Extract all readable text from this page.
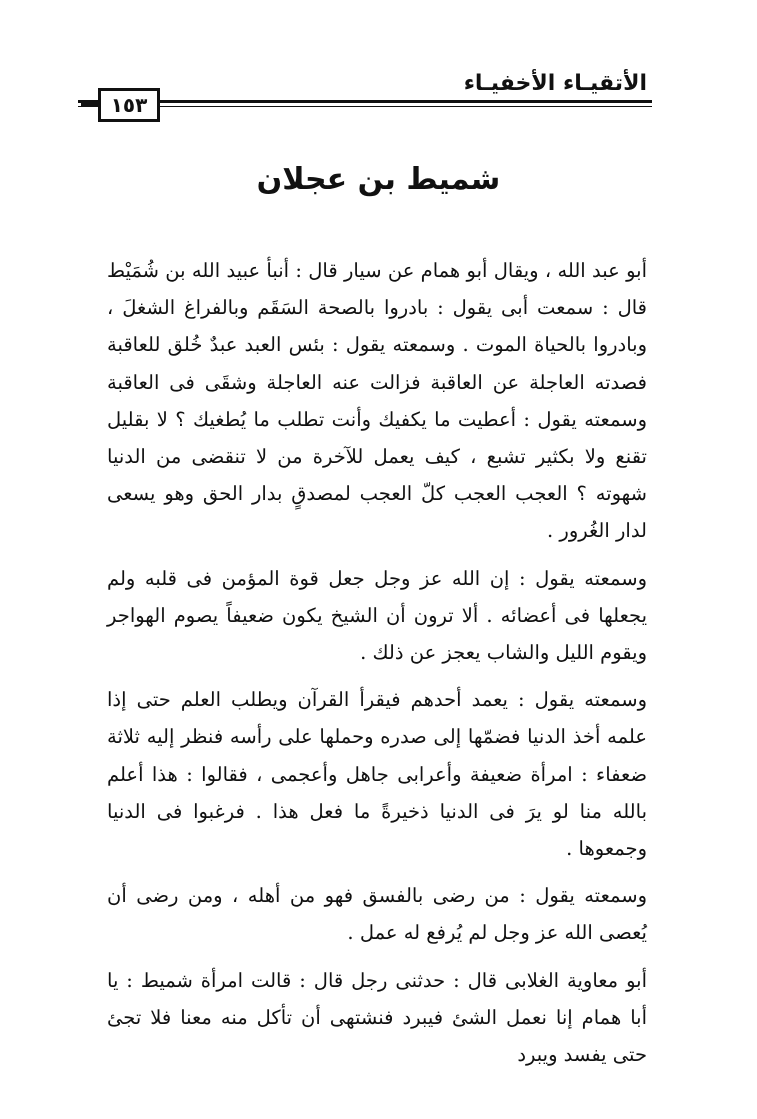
الأتقيـاء الأخفيـاء
١٥٣
شميط بن عجلان

أبو عبد الله ، ويقال أبو همام عن سيار قال : أنبأ عبيد الله بن شُمَيْط قال : سمعت أبى يقول : بادروا بالصحة السَقَم وبالفراغ الشغلَ ، وبادروا بالحياة الموت . وسمعته يقول : بئس العبد عبدٌ خُلق للعاقبة فصدته العاجلة عن العاقبة فزالت عنه العاجلة وشقَى فى العاقبة وسمعته يقول : أعطيت ما يكفيك وأنت تطلب ما يُطغيك ؟ لا بقليل تقنع ولا بكثير تشبع ، كيف يعمل للآخرة من لا تنقضى من الدنيا شهوته ؟ العجب العجب كلّ العجب لمصدقٍ بدار الحق وهو يسعى لدار الغُرور .

وسمعته يقول : إن الله عز وجل جعل قوة المؤمن فى قلبه ولم يجعلها فى أعضائه . ألا ترون أن الشيخ يكون ضعيفاً يصوم الهواجر ويقوم الليل والشاب يعجز عن ذلك .

وسمعته يقول : يعمد أحدهم فيقرأ القرآن ويطلب العلم حتى إذا علمه أخذ الدنيا فضمّها إلى صدره وحملها على رأسه فنظر إليه ثلاثة ضعفاء : امرأة ضعيفة وأعرابى جاهل وأعجمى ، فقالوا : هذا أعلم بالله منا لو يرَ فى الدنيا ذخيرةً ما فعل هذا . فرغبوا فى الدنيا وجمعوها .

وسمعته يقول : من رضى بالفسق فهو من أهله ، ومن رضى أن يُعصى الله عز وجل لم يُرفع له عمل .

أبو معاوية الغلابى قال : حدثنى رجل قال : قالت امرأة شميط : يا أبا همام إنا نعمل الشئ فيبرد فنشتهى أن تأكل منه معنا فلا تجئ حتى يفسد ويبرد
